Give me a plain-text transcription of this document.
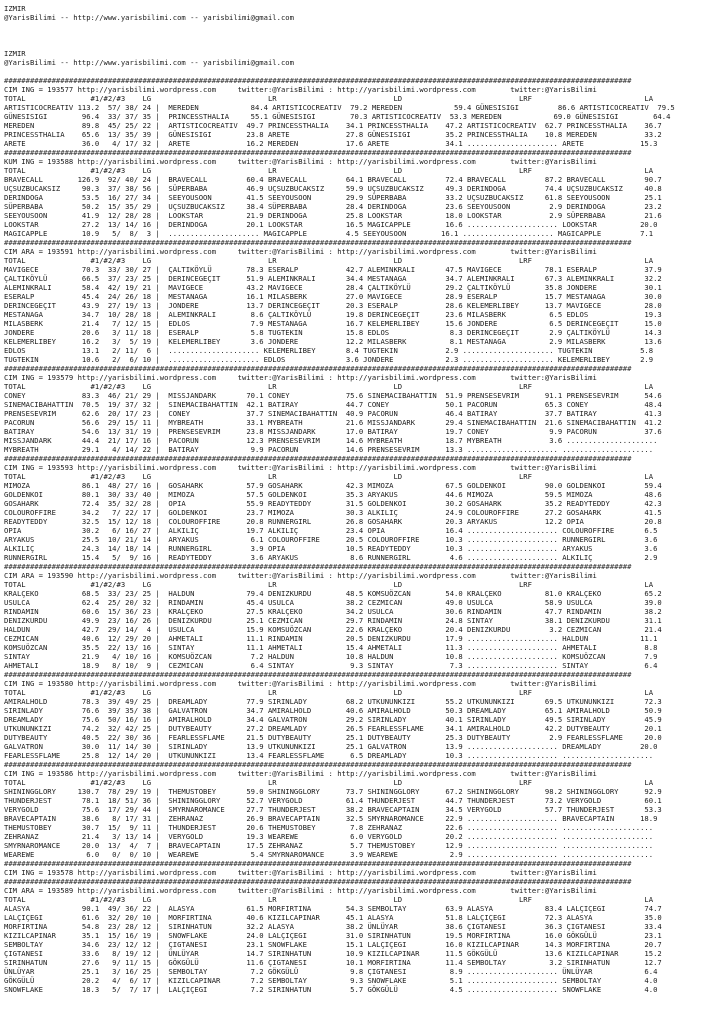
IZMIR
@YarisBilimi -- http://www.yarisbilimi.com -- yarisbilimi@gmail.com

IZMIR
@YarisBilimi -- http://www.yarisbilimi.com -- yarisbilimi@gmail.com

#################################################################################################################################################
CIM ING = 193577 http://yarisbilimi.wordpress.com     twitter:@YarisBilimi : http://yarisbilimi.wordpress.com        twitter:@YarisBilimi
TOTAL               #1/#2/#3    LG                           LR                           LD                           LRF                          LA
ARTISTICOCREATIV 113.2  57/ 38/ 24 |  MEREDEN            84.4 ARTISTICOCREATIV  79.2 MEREDEN            59.4 GÜNESISIGI         86.6 ARTISTICOCREATIV  79.5
GÜNESISIGI        96.4  33/ 37/ 35 |  PRINCESSTHALIA     55.1 GÜNESISIGI        70.3 ARTISTICOCREATIV  53.3 MEREDEN            69.0 GÜNESISIGI        64.4
MEREDEN           89.8  45/ 25/ 22 |  ARTISTICOCREATIV  49.7 PRINCESSTHALIA    34.1 PRINCESSTHALIA    47.2 ARTISTICOCREATIV  62.7 PRINCESSTHALIA    36.7
PRINCESSTHALIA    65.6  13/ 35/ 39 |  GÜNESISIGI        23.8 ARETE             27.8 GÜNESISIGI        35.2 PRINCESSTHALIA    10.8 MEREDEN           33.2
ARETE             36.0   4/ 17/ 32 |  ARETE             16.2 MEREDEN           17.6 ARETE             34.1 ..................... ARETE             15.3
#################################################################################################################################################
KUM ING = 193588 http://yarisbilimi.wordpress.com     twitter:@YarisBilimi : http://yarisbilimi.wordpress.com        twitter:@YarisBilimi
TOTAL               #1/#2/#3    LG                           LR                           LD                           LRF                          LA
BRAVECALL        126.9  92/ 40/ 24 |  BRAVECALL         60.4 BRAVECALL         64.1 BRAVECALL         72.4 BRAVECALL         87.2 BRAVECALL         90.7
UÇSUZBUCAKSIZ     90.3  37/ 38/ 56 |  SÜPERBABA         46.9 UÇSUZBUCAKSIZ     59.9 UÇSUZBUCAKSIZ     49.3 DERINDOGA         74.4 UÇSUZBUCAKSIZ     40.8
DERINDOGA         53.5  16/ 27/ 34 |  SEEYOUSOON        41.5 SEEYOUSOON        29.9 SÜPERBABA         33.2 UÇSUZBUCAKSIZ     61.8 SEEYOUSOON        25.1
SÜPERBABA         50.2  15/ 35/ 29 |  UÇSUZBUCAKSIZ     38.4 SÜPERBABA         28.4 DERINDOGA         23.6 SEEYOUSOON         2.9 DERINDOGA         23.2
SEEYOUSOON        41.9  12/ 28/ 28 |  LOOKSTAR          21.9 DERINDOGA         25.8 LOOKSTAR          18.0 LOOKSTAR           2.9 SÜPERBABA         21.6
LOOKSTAR          27.2  13/ 14/ 16 |  DERINDOGA         20.1 LOOKSTAR          16.5 MAGICAPPLE        16.6 ..................... LOOKSTAR          20.0
MAGICAPPLE        10.9   5/  8/  3 |  ..................... MAGICAPPLE         4.5 SEEYOUSOON        16.1 ..................... MAGICAPPLE         7.1
#################################################################################################################################################
CIM ARA = 193591 http://yarisbilimi.wordpress.com     twitter:@YarisBilimi : http://yarisbilimi.wordpress.com        twitter:@YarisBilimi
TOTAL               #1/#2/#3    LG                           LR                           LD                           LRF                          LA
MAVIGECE          70.3  33/ 30/ 27 |  ÇALTIKÖYLÜ        78.3 ESERALP           42.7 ALEMINKRALI       47.5 MAVIGECE          78.1 ESERALP           37.9
ÇALTIKÖYLÜ        66.5  37/ 23/ 25 |  DERINCEGEÇIT      51.9 ALEMINKRALI       34.4 MESTANAGA         34.7 ALEMINKRALI       67.3 ALEMINKRALI       32.2
ALEMINKRALI       58.4  42/ 19/ 21 |  MAVIGECE          43.2 MAVIGECE          28.4 ÇALTIKÖYLÜ        29.2 ÇALTIKÖYLÜ        35.8 JONDERE           30.1
ESERALP           45.4  24/ 26/ 18 |  MESTANAGA         16.1 MILASBERK         27.0 MAVIGECE          28.9 ESERALP           15.7 MESTANAGA         30.0
DERINCEGEÇIT      43.9  27/ 19/ 13 |  JONDERE           13.7 DERINCEGEÇIT      20.3 ESERALP           28.6 KELEMERLIBEY      13.7 MAVIGECE          28.0
MESTANAGA         34.7  10/ 28/ 18 |  ALEMINKRALI        8.6 ÇALTIKÖYLÜ        19.8 DERINCEGEÇIT      23.6 MILASBERK          6.5 EDLOS             19.3
MILASBERK         21.4   7/ 12/ 15 |  EDLOS              7.9 MESTANAGA         16.7 KELEMERLIBEY      15.6 JONDERE            6.5 DERINCEGEÇIT      15.0
JONDERE           20.6   3/ 11/ 18 |  ESERALP            5.8 TUGTEKIN          15.8 EDLOS              8.3 DERINCEGEÇIT       2.9 ÇALTIKÖYLÜ        14.3
KELEMERLIBEY      16.2   3/  5/ 19 |  KELEMERLIBEY       3.6 JONDERE           12.2 MILASBERK          8.1 MESTANAGA          2.9 MILASBERK         13.6
EDLOS             13.1   2/ 11/  6 |  ..................... KELEMERLIBEY       8.4 TUGTEKIN           2.9 ..................... TUGTEKIN           5.8
TUGTEKIN          10.6   2/  6/ 10 |  ..................... EDLOS              3.6 JONDERE            2.3 ..................... KELEMERLIBEY       2.9
#################################################################################################################################################
CIM ING = 193579 http://yarisbilimi.wordpress.com     twitter:@YarisBilimi : http://yarisbilimi.wordpress.com        twitter:@YarisBilimi
TOTAL               #1/#2/#3    LG                           LR                           LD                           LRF                          LA
CONEY             83.3  46/ 21/ 29 |  MISSJANDARK       70.1 CONEY             75.6 SINEMACIBAHATTIN  51.9 PRENSESEVRIM      91.1 PRENSESEVRIM      54.6
SINEMACIBAHATTIN  70.5  19/ 37/ 32 |  SINEMACIBAHATTIN  42.1 BATIRAY           44.7 CONEY             50.1 PACORUN           65.3 CONEY             48.4
PRENSESEVRIM      62.6  20/ 17/ 23 |  CONEY             37.7 SINEMACIBAHATTIN  40.9 PACORUN           46.4 BATIRAY           37.7 BATIRAY           41.3
PACORUN           56.6  29/ 15/ 11 |  MYBREATH          33.1 MYBREATH          21.6 MISSJANDARK       29.4 SINEMACIBAHATTIN  21.6 SINEMACIBAHATTIN  41.2
BATIRAY           54.6  13/ 31/ 19 |  PRENSESEVRIM      23.8 MISSJANDARK       17.0 BATIRAY           19.7 CONEY              9.9 PACORUN           37.6
MISSJANDARK       44.4  21/ 17/ 16 |  PACORUN           12.3 PRENSESEVRIM      14.6 MYBREATH          18.7 MYBREATH           3.6 .....................
MYBREATH          29.1   4/ 14/ 22 |  BATIRAY            9.9 PACORUN           14.6 PRENSESEVRIM      13.3 ..................... .....................
#################################################################################################################################################
CIM ING = 193593 http://yarisbilimi.wordpress.com     twitter:@YarisBilimi : http://yarisbilimi.wordpress.com        twitter:@YarisBilimi
TOTAL               #1/#2/#3    LG                           LR                           LD                           LRF                          LA
MIMOZA            86.1  48/ 27/ 16 |  GOSAHARK          57.9 GOSAHARK          42.3 MIMOZA            67.5 GOLDENKOI         90.0 GOLDENKOI         59.4
GOLDENKOI         80.1  30/ 33/ 40 |  MIMOZA            57.5 GOLDENKOI         35.3 ARYAKUS           44.6 MIMOZA            59.5 MIMOZA            48.6
GOSAHARK          72.4  35/ 32/ 28 |  OPIA              55.9 READYTEDDY        31.5 GOLDENKOI         30.2 GOSAHARK          35.2 READYTEDDY        42.3
COLOUROFFIRE      34.2   7/ 22/ 17 |  GOLDENKOI         23.7 MIMOZA            30.3 ALKILIÇ           24.9 COLOUROFFIRE      27.2 GOSAHARK          41.5
READYTEDDY        32.5  15/ 12/ 18 |  COLOUROFFIRE      20.8 RUNNERGIRL        26.8 GOSAHARK          20.3 ARYAKUS           12.2 OPIA              20.8
OPIA              30.2   6/ 16/ 27 |  ALKILIÇ           19.7 ALKILIÇ           23.4 OPIA              16.4 ..................... COLOUROFFIRE       6.5
ARYAKUS           25.5  10/ 21/ 14 |  ARYAKUS            6.1 COLOUROFFIRE      20.5 COLOUROFFIRE      10.3 ..................... RUNNERGIRL         3.6
ALKILIÇ           24.3  14/ 18/ 14 |  RUNNERGIRL         3.9 OPIA              10.5 READYTEDDY        10.3 ..................... ARYAKUS            3.6
RUNNERGIRL        15.4   5/  9/ 16 |  READYTEDDY         3.6 ARYAKUS            8.6 RUNNERGIRL         4.6 ..................... ALKILIÇ            2.9
#################################################################################################################################################
CIM ARA = 193590 http://yarisbilimi.wordpress.com     twitter:@YarisBilimi : http://yarisbilimi.wordpress.com        twitter:@YarisBilimi
TOTAL               #1/#2/#3    LG                           LR                           LD                           LRF                          LA
KRALÇEKO          68.5  33/ 23/ 25 |  HALDUN            79.4 DENIZKURDU        48.5 KOMSUÖZCAN        54.0 KRALÇEKO          81.0 KRALÇEKO          65.2
USULCA            62.4  25/ 20/ 32 |  RINDAMIN          45.4 USULCA            38.2 CEZMICAN          49.0 USULCA            58.9 USULCA            39.0
RINDAMIN          60.6  15/ 36/ 23 |  KRALÇEKO          27.5 KRALÇEKO          34.2 USULCA            30.6 RINDAMIN          47.7 RINDAMIN          38.2
DENIZKURDU        49.9  23/ 16/ 26 |  DENIZKURDU        25.1 CEZMICAN          29.7 RINDAMIN          24.8 SINTAY            38.1 DENIZKURDU        31.1
HALDUN            42.7  29/ 14/  4 |  USULCA            15.9 KOMSUÖZCAN        22.6 KRALÇEKO          20.4 DENIZKURDU         3.2 CEZMICAN          21.4
CEZMICAN          40.6  12/ 29/ 20 |  AHMETALI          11.1 RINDAMIN          20.5 DENIZKURDU        17.9 ..................... HALDUN            11.1
KOMSUÖZCAN        35.5  22/ 13/ 16 |  SINTAY            11.1 AHMETALI          15.4 AHMETALI          11.3 ..................... AHMETALI           8.8
SINTAY            21.9   4/ 10/ 16 |  KOMSUÖZCAN         7.2 HALDUN            10.8 HALDUN            10.8 ..................... KOMSUÖZCAN         7.9
AHMETALI          18.9   8/ 10/  9 |  CEZMICAN           6.4 SINTAY             9.3 SINTAY             7.3 ..................... SINTAY             6.4
#################################################################################################################################################
CIM ING = 193580 http://yarisbilimi.wordpress.com     twitter:@YarisBilimi : http://yarisbilimi.wordpress.com        twitter:@YarisBilimi
TOTAL               #1/#2/#3    LG                           LR                           LD                           LRF                          LA
AMIRALHOLD        78.3  39/ 49/ 25 |  DREAMLADY         77.9 SIRINLADY         68.2 UTKUNUNKIZI       55.2 UTKUNUNKIZI       69.5 UTKUNUNKIZI       72.3
SIRINLADY         76.6  39/ 35/ 38 |  GALVATRON         34.7 AMIRALHOLD        40.6 AMIRALHOLD        50.3 DREAMLADY         65.1 AMIRALHOLD        50.9
DREAMLADY         75.6  50/ 16/ 16 |  AMIRALHOLD        34.4 GALVATRON         29.2 SIRINLADY         40.1 SIRINLADY         49.5 SIRINLADY         45.9
UTKUNUNKIZI       74.2  32/ 42/ 25 |  DUTYBEAUTY        27.2 DREAMLADY         26.5 FEARLESSFLAME     34.1 AMIRALHOLD        42.2 DUTYBEAUTY        20.1
DUTYBEAUTY        40.5  22/ 30/ 36 |  FEARLESSFLAME     21.5 DUTYBEAUTY        25.1 DUTYBEAUTY        25.3 DUTYBEAUTY         2.9 FEARLESSFLAME     20.0
GALVATRON         30.0  11/ 14/ 30 |  SIRINLADY         13.9 UTKUNUNKIZI       25.1 GALVATRON         13.9 ..................... DREAMLADY         20.0
FEARLESSFLAME     25.8  12/ 14/ 20 |  UTKUNUNKIZI       13.4 FEARLESSFLAME      6.5 DREAMLADY         10.3 ..................... .....................
#################################################################################################################################################
CIM ING = 193586 http://yarisbilimi.wordpress.com     twitter:@YarisBilimi : http://yarisbilimi.wordpress.com        twitter:@YarisBilimi
TOTAL               #1/#2/#3    LG                           LR                           LD                           LRF                          LA
SHININGGLORY     130.7  78/ 29/ 19 |  THEMUSTOBEY       59.0 SHININGGLORY      73.7 SHININGGLORY      67.2 SHININGGLORY      98.2 SHININGGLORY      92.9
THUNDERJEST       78.1  18/ 51/ 36 |  SHININGGLORY      52.7 VERYGOLD          61.4 THUNDERJEST       44.7 THUNDERJEST       73.2 VERYGOLD          60.1
VERYGOLD          75.6  17/ 29/ 44 |  SMYRNAROMANCE     27.7 THUNDERJEST       38.2 BRAVECAPTAIN      34.5 VERYGOLD          57.7 THUNDERJEST       53.3
BRAVECAPTAIN      38.6   8/ 17/ 31 |  ZEHRANAZ          26.9 BRAVECAPTAIN      32.5 SMYRNAROMANCE     22.9 ..................... BRAVECAPTAIN      18.9
THEMUSTOBEY       30.7  15/  9/ 11 |  THUNDERJEST       20.6 THEMUSTOBEY        7.8 ZEHRANAZ          22.6 ..................... .....................
ZEHRANAZ          21.4   3/ 13/ 14 |  VERYGOLD          19.3 WEAREWE            6.0 VERYGOLD          20.2 ..................... .....................
SMYRNAROMANCE     20.0  13/  4/  7 |  BRAVECAPTAIN      17.5 ZEHRANAZ           5.7 THEMUSTOBEY       12.9 ..................... .....................
WEAREWE            6.0   0/  0/ 10 |  WEAREWE            5.4 SMYRNAROMANCE      3.9 WEAREWE            2.9 ..................... .....................
#################################################################################################################################################
CIM ING = 193578 http://yarisbilimi.wordpress.com     twitter:@YarisBilimi : http://yarisbilimi.wordpress.com        twitter:@YarisBilimi
#################################################################################################################################################
CIM ARA = 193589 http://yarisbilimi.wordpress.com     twitter:@YarisBilimi : http://yarisbilimi.wordpress.com        twitter:@YarisBilimi
TOTAL               #1/#2/#3    LG                           LR                           LD                           LRF                          LA
ALASYA            90.1  49/ 36/ 22 |  ALASYA            61.5 MORFIRTINA        54.3 SEMBOLTAY         63.9 ALASYA            83.4 LALÇIÇEGI         74.7
LALÇIÇEGI         61.6  32/ 20/ 10 |  MORFIRTINA        40.6 KIZILCAPINAR      45.1 ALASYA            51.8 LALÇIÇEGI         72.3 ALASYA            35.0
MORFIRTINA        54.8  23/ 28/ 12 |  SIRINHATUN        32.2 ALASYA            38.2 ÜNLÜYAR           38.6 ÇIGTANESI         36.3 ÇIGTANESI         33.4
KIZILCAPINAR      35.1  15/ 16/ 19 |  SNOWFLAKE         24.0 LALÇIÇEGI         31.0 SIRINHATUN        19.5 MORFIRTINA        16.0 GÖKGÜLÜ           23.1
SEMBOLTAY         34.6  23/ 12/ 12 |  ÇIGTANESI         23.1 SNOWFLAKE         15.1 LALÇIÇEGI         16.0 KIZILCAPINAR      14.3 MORFIRTINA        20.7
ÇIGTANESI         33.6   8/ 19/ 12 |  ÜNLÜYAR           14.7 SIRINHATUN        10.9 KIZILCAPINAR      11.5 GÖKGÜLÜ           13.6 KIZILCAPINAR      15.2
SIRINHATUN        27.6   9/ 11/ 15 |  GÖKGÜLÜ           11.6 ÇIGTANESI         10.1 MORFIRTINA        11.4 SEMBOLTAY          3.2 SIRINHATUN        12.7
ÜNLÜYAR           25.1   3/ 16/ 25 |  SEMBOLTAY          7.2 GÖKGÜLÜ            9.8 ÇIGTANESI          8.9 ..................... ÜNLÜYAR            6.4
GÖKGÜLÜ           20.2   4/  6/ 17 |  KIZILCAPINAR       7.2 SEMBOLTAY          9.3 SNOWFLAKE          5.1 ..................... SEMBOLTAY          4.0
SNOWFLAKE         18.3   5/  7/ 17 |  LALÇIÇEGI          7.2 SIRINHATUN         5.7 GÖKGÜLÜ            4.5 ..................... SNOWFLAKE          4.0
